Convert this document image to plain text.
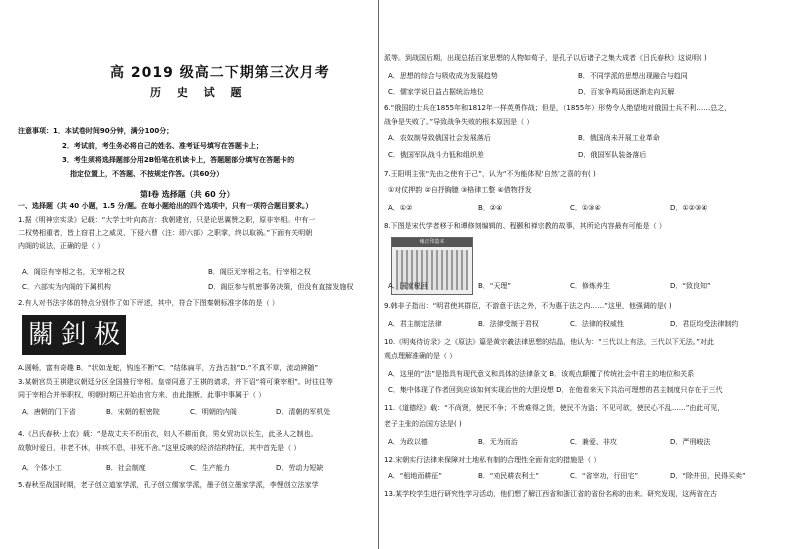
高 2019 级高二下期第三次月考
历 史 试 题
注意事项：1．本试卷时间90分钟，满分100分；
2．考试前，考生务必将自己的姓名、准考证号填写在答题卡上；
3．考生须将选择题部分用2B铅笔在机读卡上，答题题部分填写在答题卡的
指定位置上，不答题、不按规定作答。（共60分）
第Ⅰ卷 选择题（共 60 分）
一、选择题（共 40 小题，1.5 分/题。在每小题给出的四个选项中，只有一项符合题目要求。）
1.据《明神宗实录》记载：“大学士叶向高言：我朝建官，只是论思翼赞之职，原非宰相。中有一
二权势相重者，皆上窃君上之威灵，下侵六曹（注：即六部）之职掌，终以取祸。”下面有关明朝
内阁的说法，正确的是（ ）
A．阁臣有宰相之名，无宰相之权	B．阁臣无宰相之名，行宰相之权
C．六部实为内阁的下属机构	D．阁臣参与机密事务决策，但没有直接发施权
2.有人对书法字体的特点分别作了如下评述，其中，符合下图秦朝标准字体的是（ ）
關 釗 极
A.圆畅，富有奇趣 B．“状如龙蛇，钩连不断”C．“结体扁平，方劲古拙”D.“不真不草，流动辨随”
3.某朝宫员王祺建议朝廷分区全国推行宰相。皇帝同意了王祺的请求，并下诏“将可秉宰相”。时往往等
同于宰相合并举职权，明朝时期已开始由官方来，由此推断，此事中事属于（ ）
A．唐朝的门下省	B．宋朝的枢密院	C．明朝的内阁	D．清朝的军机处
4.《吕氏春秋·上农》载：“是故丈夫不织而衣，妇人不耕而食，男女贸功以长生，此圣人之制也。
故敬时爱日，非老不休，非疾不息，非死不舍。”这里反映的经济结构特征，其中首先是（ ）
A．个体小工	B．社会制度	C．生产能力	D．劳动力短缺
5.春秋至战国时期，老子创立道家学派，孔子创立儒家学派，墨子创立墨家学派，李悝创立法家学
派等。到战国后期，出现总括百家思想的人物如荀子，是孔子以后诸子之集大成者《吕氏春秋》这说明( )
A．思想的综合与吸收成为发展趋势	B．不同学派的思想出现融合与趋同
C．儒家学说日益占据统治地位	D．百家争鸣局面逐渐走向瓦解
6.“俄国的士兵在1855年和1812年一样英勇作战；但是，（1855年）形势令人绝望地对俄国士兵不利……总之，
战争是失败了。”导致战争失败的根本原因是（ ）
A．农奴制导致俄国社会发展落后	B．俄国尚未开展工业革命
C．俄国军队战斗力低和组织差	D．俄国军队装备落后
7.王阳明主张“先由之使有于己”，认为“不为能体视‘自然’之喜的有( )
①对仗押韵 ②自抒胸臆 ③格律工整 ④借物抒发
A．①②	B．②④	C．①③④	D．①②③④
8.下图是宋代学者移于和谭修刻编辑的、程颢和禅宗教的故事，其所论内容最有可能是（ ）
雍正印造本
A．国家税回	B．“天理”	C．修炼养生	D．“致良知”
9.韩非子指出：“明君使其群臣，不游意于法之外，不为惠于法之内……”这里，他强调的是( )
A．君主制定法律	B．法律受制于君权	C．法律的权威性	D．君臣均受法律制约
10.《明夷待访录》之《原法》篇是黄宗羲法律思想的结晶，他认为：“三代以上有法，三代以下无法。”对此
观点理解准确的是（ ）
A．这里的“法”是指具有现代意义和具体的法律条文 B．该观点颠覆了传统社会中君主的地位和关系
C．集中体现了作者回到应该如何实现治世的大胆设想 D．在他看来天下共治可理想的君主制度只存在于三代
11.《道德经》载：“不尚贤，使民不争；不贵难得之货，使民不为盗；不见可欲，使民心不乱……”由此可见，
老子主张的治国方法是( )
A．为政以德	B．无为而治	C．兼爱、非攻	D．严刑峻法
12.宋朝实行法律来保障对土地私有制的合理性全面肯定的措施是（ ）
A．“租地而耕征”	B．“劝民耕农利土”	C．“省宰功，行田宅”	D．“除井田，民得买卖”
13.某学校学生进行研究性学习活动，他们想了解江西省和浙江省的省份名称的由来。研究发现，这两省在古
